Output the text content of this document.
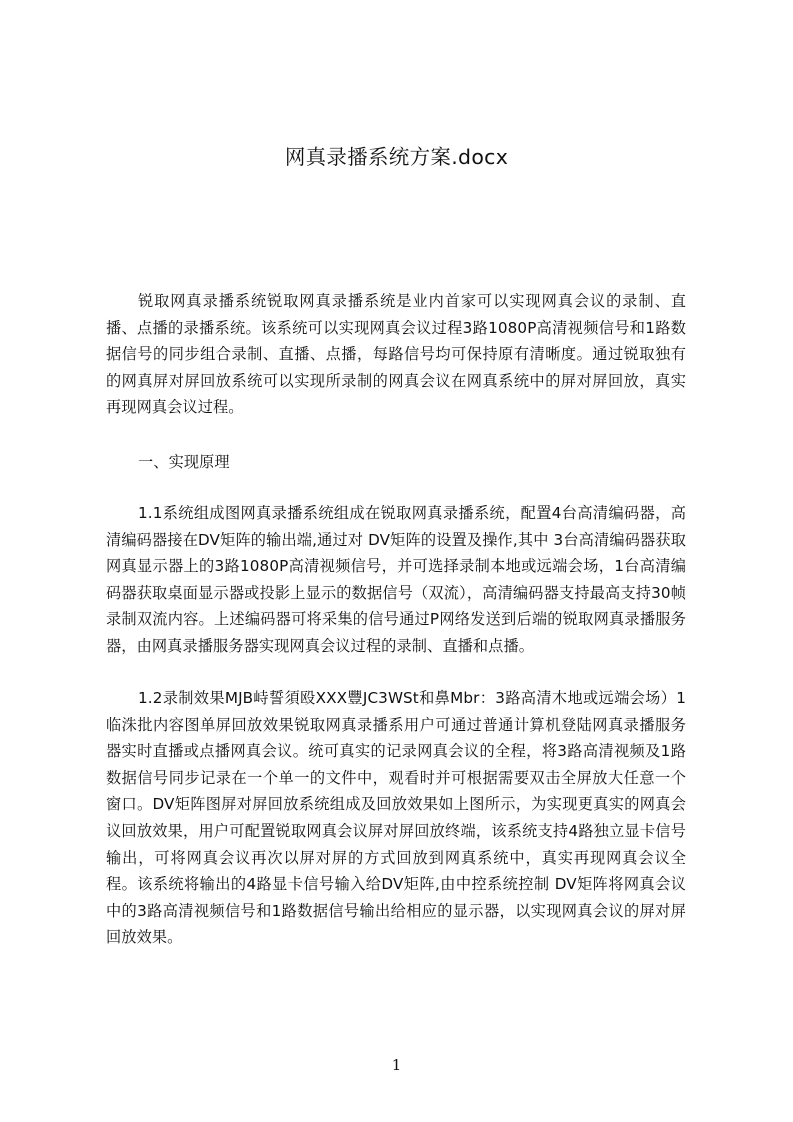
网真录播系统方案.docx

锐取网真录播系统锐取网真录播系统是业内首家可以实现网真会议的录制、直播、点播的录播系统。该系统可以实现网真会议过程3路1080P高清视频信号和1路数据信号的同步组合录制、直播、点播，每路信号均可保持原有清晰度。通过锐取独有的网真屏对屏回放系统可以实现所录制的网真会议在网真系统中的屏对屏回放，真实再现网真会议过程。

一、实现原理

1.1系统组成图网真录播系统组成在锐取网真录播系统，配置4台高清编码器，高清编码器接在DV矩阵的输出端,通过对 DV矩阵的设置及操作,其中 3台高清编码器获取网真显示器上的3路1080P高清视频信号，并可选择录制本地或远端会场，1台高清编码器获取桌面显示器或投影上显示的数据信号（双流），高清编码器支持最高支持30帧录制双流内容。上述编码器可将采集的信号通过P网络发送到后端的锐取网真录播服务器，由网真录播服务器实现网真会议过程的录制、直播和点播。

1.2录制效果MJB峙誓須殴XXX豐JC3WSt和鼻Mbr：3路高清木地或远端会场）1临洙批内容图单屏回放效果锐取网真录播系用户可通过普通计算机登陆网真录播服务器实时直播或点播网真会议。统可真实的记录网真会议的全程，将3路高清视频及1路数据信号同步记录在一个单一的文件中，观看时并可根据需要双击全屏放大任意一个窗口。DV矩阵图屏对屏回放系统组成及回放效果如上图所示，为实现更真实的网真会议回放效果，用户可配置锐取网真会议屏对屏回放终端，该系统支持4路独立显卡信号输出，可将网真会议再次以屏对屏的方式回放到网真系统中，真实再现网真会议全程。该系统将输出的4路显卡信号输入给DV矩阵,由中控系统控制 DV矩阵将网真会议中的3路高清视频信号和1路数据信号输出给相应的显示器，以实现网真会议的屏对屏回放效果。

1
